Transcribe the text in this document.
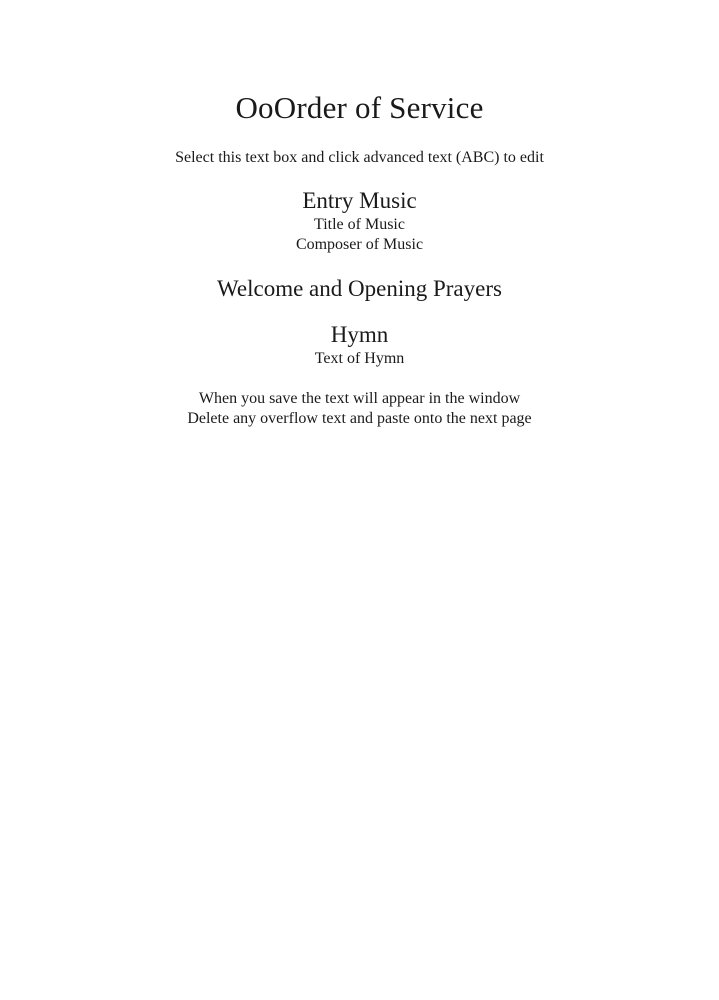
OoOrder of Service
Select this text box and click advanced text (ABC) to edit
Entry Music
Title of Music
Composer of Music
Welcome and Opening Prayers
Hymn
Text of Hymn
When you save the text will appear in the window
Delete any overflow text and paste onto the next page
